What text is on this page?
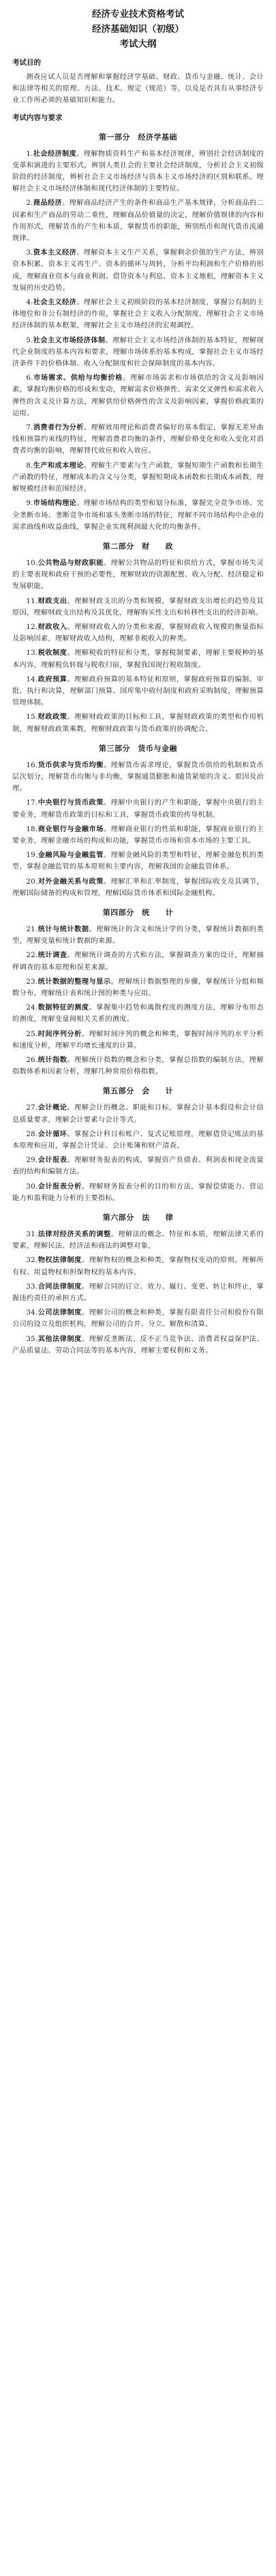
经济专业技术资格考试

经济基础知识（初级）

考试大纲

考试目的

测查应试人员是否理解和掌握经济学基础、财政、货币与金融、统计、会计和法律等相关的原理、方法、技术、规定（规范）等，以及是否具有从事经济专业工作所必须的基础知识和能力。

考试内容与要求
第一部分　经济学基础

1.社会经济制度。理解物质资料生产和基本经济规律，辨别社会经济制度的变革和演进的主要形式，辨别人类社会的主要社会经济制度，分析社会主义初级阶段的经济制度，辨析社会主义市场经济与资本主义市场经济的区别和联系。理解社会主义市场经济体制和现代经济体制的主要特征。

2.商品经济。理解商品经济产生的条件和商品生产基本规律，分析商品的二因素和生产商品的劳动二重性，理解商品价值量的决定，理解价值规律的内容和作用形式，理解货币的产生和本质，掌握货币的职能，辨别纸币和现代货币流通规律。

3.资本主义经济。理解资本主义生产关系，掌握剩余价值的生产方法，辨别资本积累、资本主义再生产、资本的循环与周转，分析平均利润和生产价格的形成，理解商业资本与商业利润、借贷资本与利息、资本主义地租，理解资本主义发展的历史趋势。

4.社会主义经济。理解社会主义初级阶段的基本经济制度，掌握公有制的主体地位和非公有制经济的作用，掌握社会主义收入分配制度，理解社会主义市场经济体制的基本框架，理解社会主义市场经济的宏观调控。

5.社会主义市场经济体制。理解社会主义市场经济体制的基本特征，理解现代企业制度的基本内容和要求，理解市场体系的基本构成，掌握社会主义市场经济条件下的价格体制、收入分配制度和社会保障制度的基本内容。

6.市场需求、供给与均衡价格。理解市场需求和市场供给的含义及影响因素，掌握均衡价格的形成和变动，理解需求价格弹性、需求交叉弹性和需求收入弹性的含义及计算方法，理解供给价格弹性的含义及影响因素，掌握价格政策的运用。

7.消费者行为分析。理解效用理论和消费者偏好的基本假定，掌握无差异曲线和预算约束线的特征，理解消费者均衡的条件，理解价格变化和收入变化对消费者均衡的影响，理解替代效应和收入效应。

8.生产和成本理论。理解生产要素与生产函数，掌握短期生产函数和长期生产函数的特征，理解成本的含义与分类，掌握短期成本函数和长期成本函数，理解规模经济和范围经济。

9.市场结构理论。理解市场结构的类型和划分标准，掌握完全竞争市场、完全垄断市场、垄断竞争市场和寡头垄断市场的特征，理解不同市场结构中企业的需求曲线和收益曲线，掌握企业实现利润最大化的均衡条件。

第二部分　财　　政

10.公共物品与财政职能。理解公共物品的特征和供给方式，掌握市场失灵的主要表现和政府干预的必要性，理解财政的资源配置、收入分配、经济稳定和发展职能。

11.财政支出。理解财政支出的分类和规模，掌握财政支出增长的趋势及其原因，理解财政支出结构及其优化，理解购买性支出和转移性支出的经济影响。

12.财政收入。理解财政收入的分类和来源，掌握财政收入规模的衡量指标及影响因素，理解财政收入结构，理解非税收入的种类。

13.税收制度。理解税收的特征和分类，掌握税制要素，理解主要税种的基本内容，理解税负转嫁与税收归宿，掌握我国现行税收制度。

14.政府预算。理解政府预算的基本特征和原则，掌握政府预算的编制、审批、执行和决算，理解部门预算、国库集中收付制度和政府采购制度，理解预算管理体制。

15.财政政策。理解财政政策的目标和工具，掌握财政政策的类型和作用机制，理解财政政策乘数，理解财政政策与货币政策的协调配合。

第三部分　货币与金融

16.货币供求与货币均衡。理解货币需求理论，掌握货币供给的机制和货币层次划分，理解货币均衡与非均衡，掌握通货膨胀和通货紧缩的含义、原因及治理。

17.中央银行与货币政策。理解中央银行的产生和职能，掌握中央银行的主要业务，理解货币政策的目标和工具，掌握货币政策的传导机制。

18.商业银行与金融市场。理解商业银行的性质和职能，掌握商业银行的主要业务，理解金融市场的构成和功能，掌握货币市场和资本市场的主要工具。

19.金融风险与金融监管。理解金融风险的类型和特征，理解金融危机的类型，掌握金融监管的基本原则和主要内容，理解我国的金融监管体系。

20.对外金融关系与政策。理解汇率和汇率制度，掌握国际收支及其调节，理解国际储备的构成和管理，理解国际货币体系和国际金融机构。

第四部分　统　　计

21.统计与统计数据。理解统计的含义和统计学的分类，掌握统计数据的类型，理解变量和统计数据的来源。

22.统计调查。理解统计调查的方式和方法，掌握调查方案的设计，理解抽样调查的基本原理和误差来源。

23.统计数据的整理与显示。理解统计数据整理的步骤，掌握统计分组和频数分布，理解统计表和统计图的种类与应用。

24.数据特征的测度。掌握集中趋势和离散程度的测度方法，理解分布形态的测度，理解变量间相关关系的测度。

25.时间序列分析。理解时间序列的概念和种类，掌握时间序列的水平分析和速度分析，理解平均增长速度的计算。

26.统计指数。理解统计指数的概念和分类，掌握总指数的编制方法，理解指数体系和因素分析，理解几种常用价格指数。

第五部分　会　　计

27.会计概论。理解会计的概念、职能和目标，掌握会计基本假设和会计信息质量要求，理解会计要素与会计等式。

28.会计循环。掌握会计科目和账户、复式记账原理，理解借贷记账法的基本原理和应用，掌握会计凭证、会计账簿和财产清查。

29.会计报表。理解财务报表的构成，掌握资产负债表、利润表和现金流量表的结构和编制方法。

30.会计报表分析。理解财务报表分析的目的和方法，掌握偿债能力、营运能力和盈利能力分析的主要指标。

第六部分　法　　律

31.法律对经济关系的调整。理解法的概念、特征和本质，理解法律关系的要素，理解民法、经济法和商法的调整对象。

32.物权法律制度。理解物权的概念和种类，掌握物权变动的原则，理解所有权、用益物权和担保物权的基本内容。

33.合同法律制度。理解合同的订立、效力、履行、变更、转让和终止，掌握违约责任的承担方式。

34.公司法律制度。理解公司的概念和种类，掌握有限责任公司和股份有限公司的设立及组织机构，理解公司的合并、分立、解散和清算。

35.其他法律制度。理解反垄断法、反不正当竞争法、消费者权益保护法、产品质量法、劳动合同法等的基本内容，理解主要权利和义务。
